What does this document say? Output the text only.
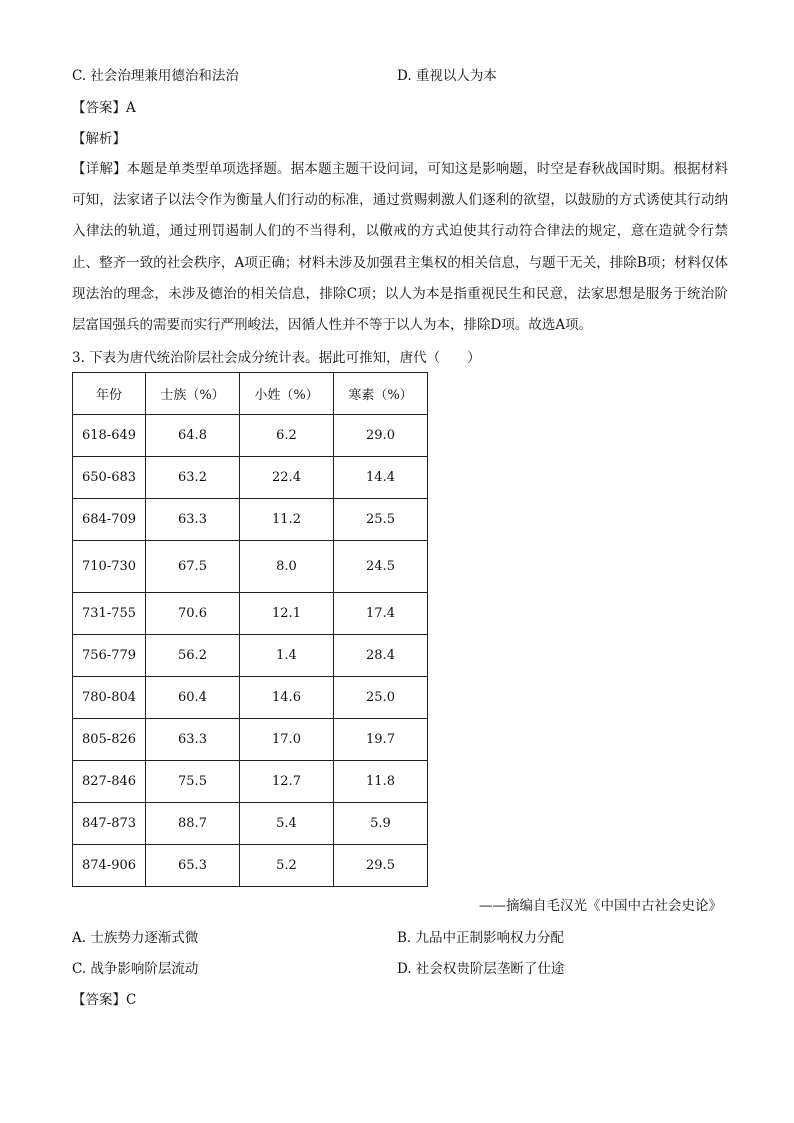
C. 社会治理兼用德治和法治	D. 重视以人为本
【答案】A
【解析】
【详解】本题是单类型单项选择题。据本题主题干设问词，可知这是影响题，时空是春秋战国时期。根据材料可知，法家诸子以法令作为衡量人们行动的标准，通过赏赐刺激人们逐利的欲望，以鼓励的方式诱使其行动纳入律法的轨道，通过刑罚遏制人们的不当得利，以儆戒的方式迫使其行动符合律法的规定，意在造就令行禁止、整齐一致的社会秩序，A项正确；材料未涉及加强君主集权的相关信息，与题干无关，排除B项；材料仅体现法治的理念，未涉及德治的相关信息，排除C项；以人为本是指重视民生和民意，法家思想是服务于统治阶层富国强兵的需要而实行严刑峻法，因循人性并不等于以人为本，排除D项。故选A项。
3. 下表为唐代统治阶层社会成分统计表。据此可推知，唐代（　　）
年份	士族（%）	小姓（%）	寒素（%）
618-649	64.8	6.2	29.0
650-683	63.2	22.4	14.4
684-709	63.3	11.2	25.5
710-730	67.5	8.0	24.5
731-755	70.6	12.1	17.4
756-779	56.2	1.4	28.4
780-804	60.4	14.6	25.0
805-826	63.3	17.0	19.7
827-846	75.5	12.7	11.8
847-873	88.7	5.4	5.9
874-906	65.3	5.2	29.5
——摘编自毛汉光《中国中古社会史论》
A. 士族势力逐渐式微	B. 九品中正制影响权力分配
C. 战争影响阶层流动	D. 社会权贵阶层垄断了仕途
【答案】C
